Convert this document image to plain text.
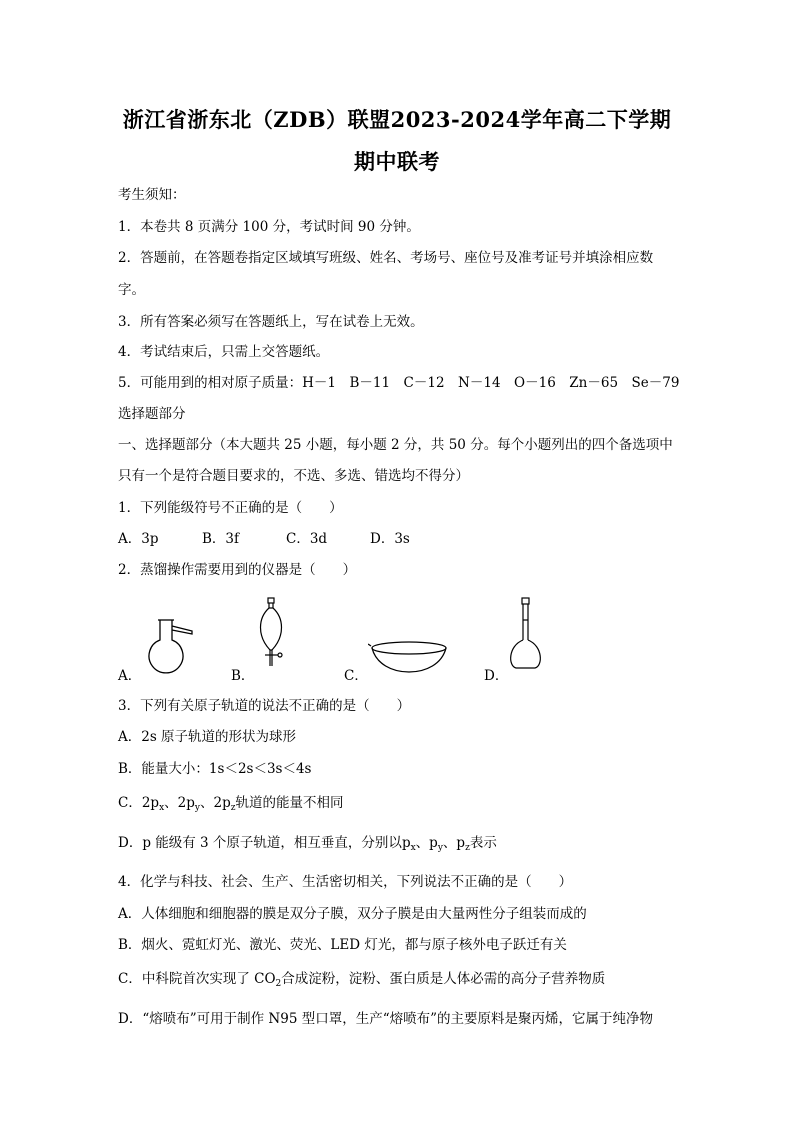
浙江省浙东北（ZDB）联盟2023-2024学年高二下学期
期中联考
考生须知：
1．本卷共 8 页满分 100 分，考试时间 90 分钟。
2．答题前，在答题卷指定区域填写班级、姓名、考场号、座位号及准考证号并填涂相应数
字。
3．所有答案必须写在答题纸上，写在试卷上无效。
4．考试结束后，只需上交答题纸。
5．可能用到的相对原子质量：H－1　B－11　C－12　N－14　O－16　Zn－65　Se－79
选择题部分
一、选择题部分（本大题共 25 小题，每小题 2 分，共 50 分。每个小题列出的四个备选项中
只有一个是符合题目要求的，不选、多选、错选均不得分）
1．下列能级符号不正确的是（　　）
A．3p	B．3f	C．3d	D．3s
2．蒸馏操作需要用到的仪器是（　　）
A．	B．	C．	D．
3．下列有关原子轨道的说法不正确的是（　　）
A．2s 原子轨道的形状为球形
B．能量大小：1s＜2s＜3s＜4s
C．$2p_x$、$2p_y$、$2p_z$轨道的能量不相同
D．p 能级有 3 个原子轨道，相互垂直，分别以$p_x$、$p_y$、$p_z$表示
4．化学与科技、社会、生产、生活密切相关，下列说法不正确的是（　　）
A．人体细胞和细胞器的膜是双分子膜，双分子膜是由大量两性分子组装而成的
B．烟火、霓虹灯光、激光、荧光、LED 灯光，都与原子核外电子跃迁有关
C．中科院首次实现了 $CO_2$合成淀粉，淀粉、蛋白质是人体必需的高分子营养物质
D．“熔喷布”可用于制作 N95 型口罩，生产“熔喷布”的主要原料是聚丙烯，它属于纯净物
